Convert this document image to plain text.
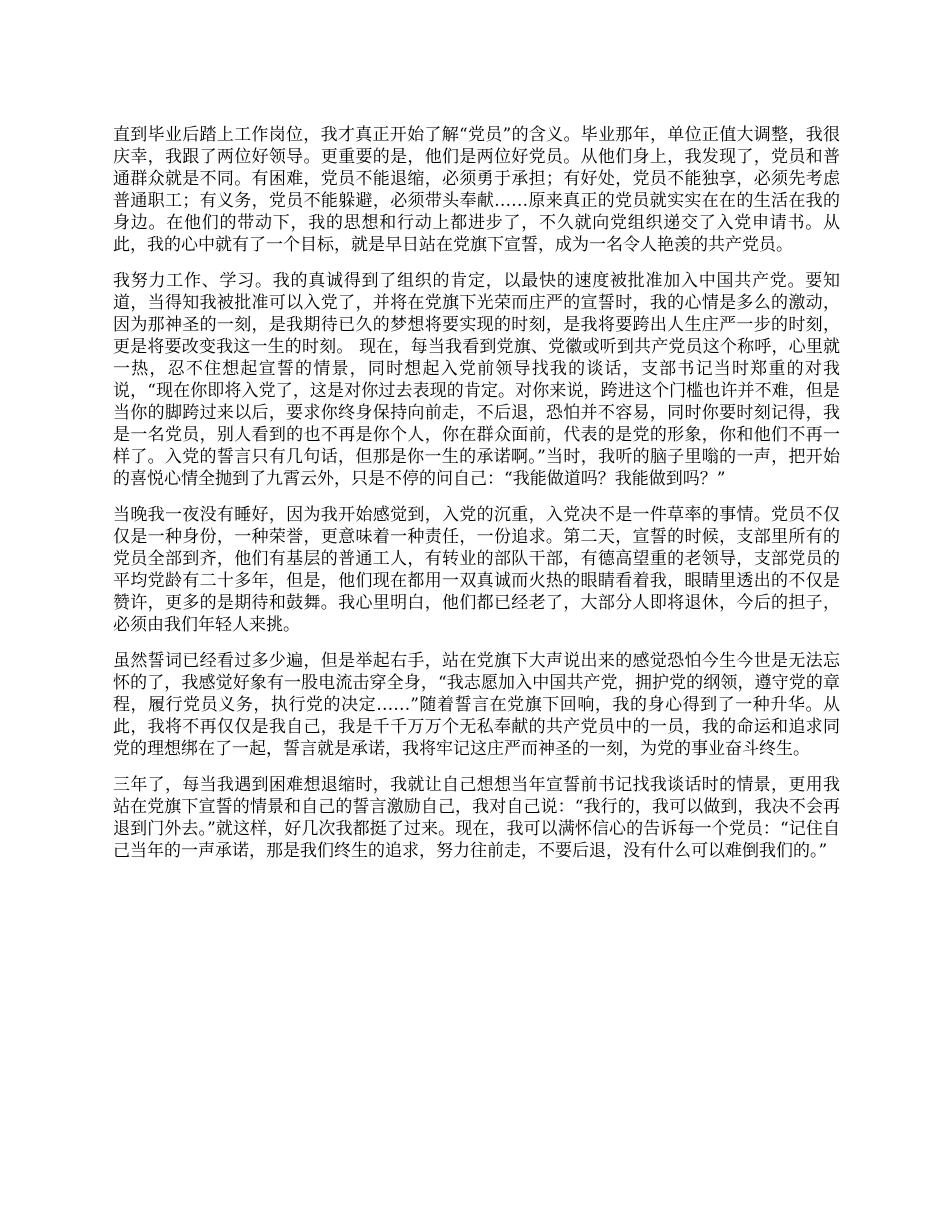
直到毕业后踏上工作岗位，我才真正开始了解“党员”的含义。毕业那年，单位正值大调整，我很庆幸，我跟了两位好领导。更重要的是，他们是两位好党员。从他们身上，我发现了，党员和普通群众就是不同。有困难，党员不能退缩，必须勇于承担；有好处，党员不能独享，必须先考虑普通职工；有义务，党员不能躲避，必须带头奉献……原来真正的党员就实实在在的生活在我的身边。在他们的带动下，我的思想和行动上都进步了，不久就向党组织递交了入党申请书。从此，我的心中就有了一个目标，就是早日站在党旗下宣誓，成为一名令人艳羡的共产党员。

我努力工作、学习。我的真诚得到了组织的肯定，以最快的速度被批准加入中国共产党。要知道，当得知我被批准可以入党了，并将在党旗下光荣而庄严的宣誓时，我的心情是多么的激动，因为那神圣的一刻，是我期待已久的梦想将要实现的时刻，是我将要跨出人生庄严一步的时刻，更是将要改变我这一生的时刻。 现在，每当我看到党旗、党徽或听到共产党员这个称呼，心里就一热，忍不住想起宣誓的情景，同时想起入党前领导找我的谈话，支部书记当时郑重的对我说，“现在你即将入党了，这是对你过去表现的肯定。对你来说，跨进这个门槛也许并不难，但是当你的脚跨过来以后，要求你终身保持向前走，不后退，恐怕并不容易，同时你要时刻记得，我是一名党员，别人看到的也不再是你个人，你在群众面前，代表的是党的形象，你和他们不再一样了。入党的誓言只有几句话，但那是你一生的承诺啊。”当时，我听的脑子里嗡的一声，把开始的喜悦心情全抛到了九霄云外，只是不停的问自己：“我能做道吗？我能做到吗？”

当晚我一夜没有睡好，因为我开始感觉到，入党的沉重，入党决不是一件草率的事情。党员不仅仅是一种身份，一种荣誉，更意味着一种责任，一份追求。第二天，宣誓的时候，支部里所有的党员全部到齐，他们有基层的普通工人，有转业的部队干部，有德高望重的老领导，支部党员的平均党龄有二十多年，但是，他们现在都用一双真诚而火热的眼睛看着我，眼睛里透出的不仅是赞许，更多的是期待和鼓舞。我心里明白，他们都已经老了，大部分人即将退休，今后的担子，必须由我们年轻人来挑。

虽然誓词已经看过多少遍，但是举起右手，站在党旗下大声说出来的感觉恐怕今生今世是无法忘怀的了，我感觉好象有一股电流击穿全身，“我志愿加入中国共产党，拥护党的纲领，遵守党的章程，履行党员义务，执行党的决定……”随着誓言在党旗下回响，我的身心得到了一种升华。从此，我将不再仅仅是我自己，我是千千万万个无私奉献的共产党员中的一员，我的命运和追求同党的理想绑在了一起，誓言就是承诺，我将牢记这庄严而神圣的一刻，为党的事业奋斗终生。

三年了，每当我遇到困难想退缩时，我就让自己想想当年宣誓前书记找我谈话时的情景，更用我站在党旗下宣誓的情景和自己的誓言激励自己，我对自己说：“我行的，我可以做到，我决不会再退到门外去。”就这样，好几次我都挺了过来。现在，我可以满怀信心的告诉每一个党员：“记住自己当年的一声承诺，那是我们终生的追求，努力往前走，不要后退，没有什么可以难倒我们的。”
